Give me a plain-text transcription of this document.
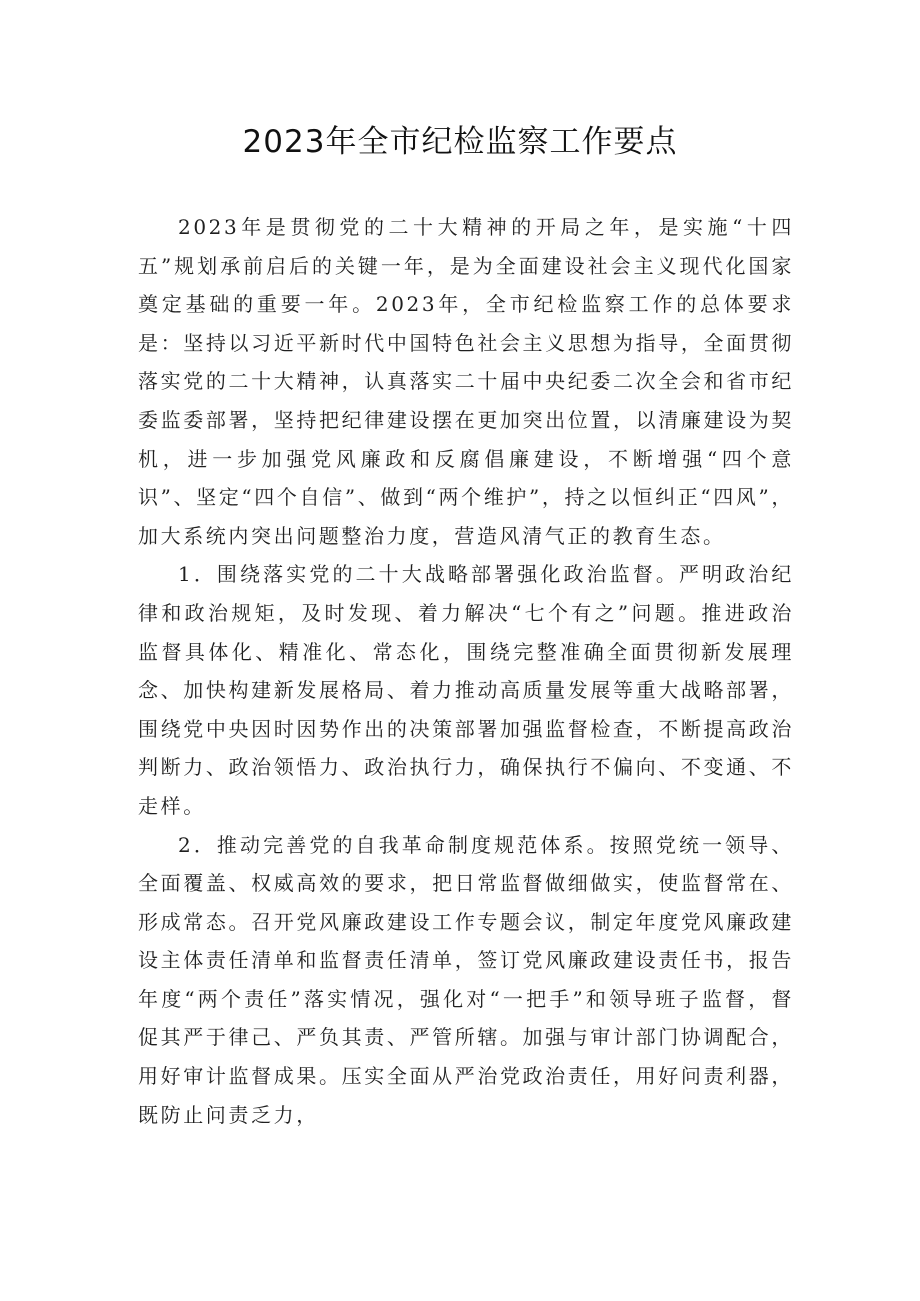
2023年全市纪检监察工作要点

2023年是贯彻党的二十大精神的开局之年，是实施“十四五”规划承前启后的关键一年，是为全面建设社会主义现代化国家奠定基础的重要一年。2023年，全市纪检监察工作的总体要求是：坚持以习近平新时代中国特色社会主义思想为指导，全面贯彻落实党的二十大精神，认真落实二十届中央纪委二次全会和省市纪委监委部署，坚持把纪律建设摆在更加突出位置，以清廉建设为契机，进一步加强党风廉政和反腐倡廉建设，不断增强“四个意识”、坚定“四个自信”、做到“两个维护”，持之以恒纠正“四风”，加大系统内突出问题整治力度，营造风清气正的教育生态。

1．围绕落实党的二十大战略部署强化政治监督。严明政治纪律和政治规矩，及时发现、着力解决“七个有之”问题。推进政治监督具体化、精准化、常态化，围绕完整准确全面贯彻新发展理念、加快构建新发展格局、着力推动高质量发展等重大战略部署，围绕党中央因时因势作出的决策部署加强监督检查，不断提高政治判断力、政治领悟力、政治执行力，确保执行不偏向、不变通、不走样。

2．推动完善党的自我革命制度规范体系。按照党统一领导、全面覆盖、权威高效的要求，把日常监督做细做实，使监督常在、形成常态。召开党风廉政建设工作专题会议，制定年度党风廉政建设主体责任清单和监督责任清单，签订党风廉政建设责任书，报告年度“两个责任”落实情况，强化对“一把手”和领导班子监督，督促其严于律己、严负其责、严管所辖。加强与审计部门协调配合，用好审计监督成果。压实全面从严治党政治责任，用好问责利器，既防止问责乏力，
